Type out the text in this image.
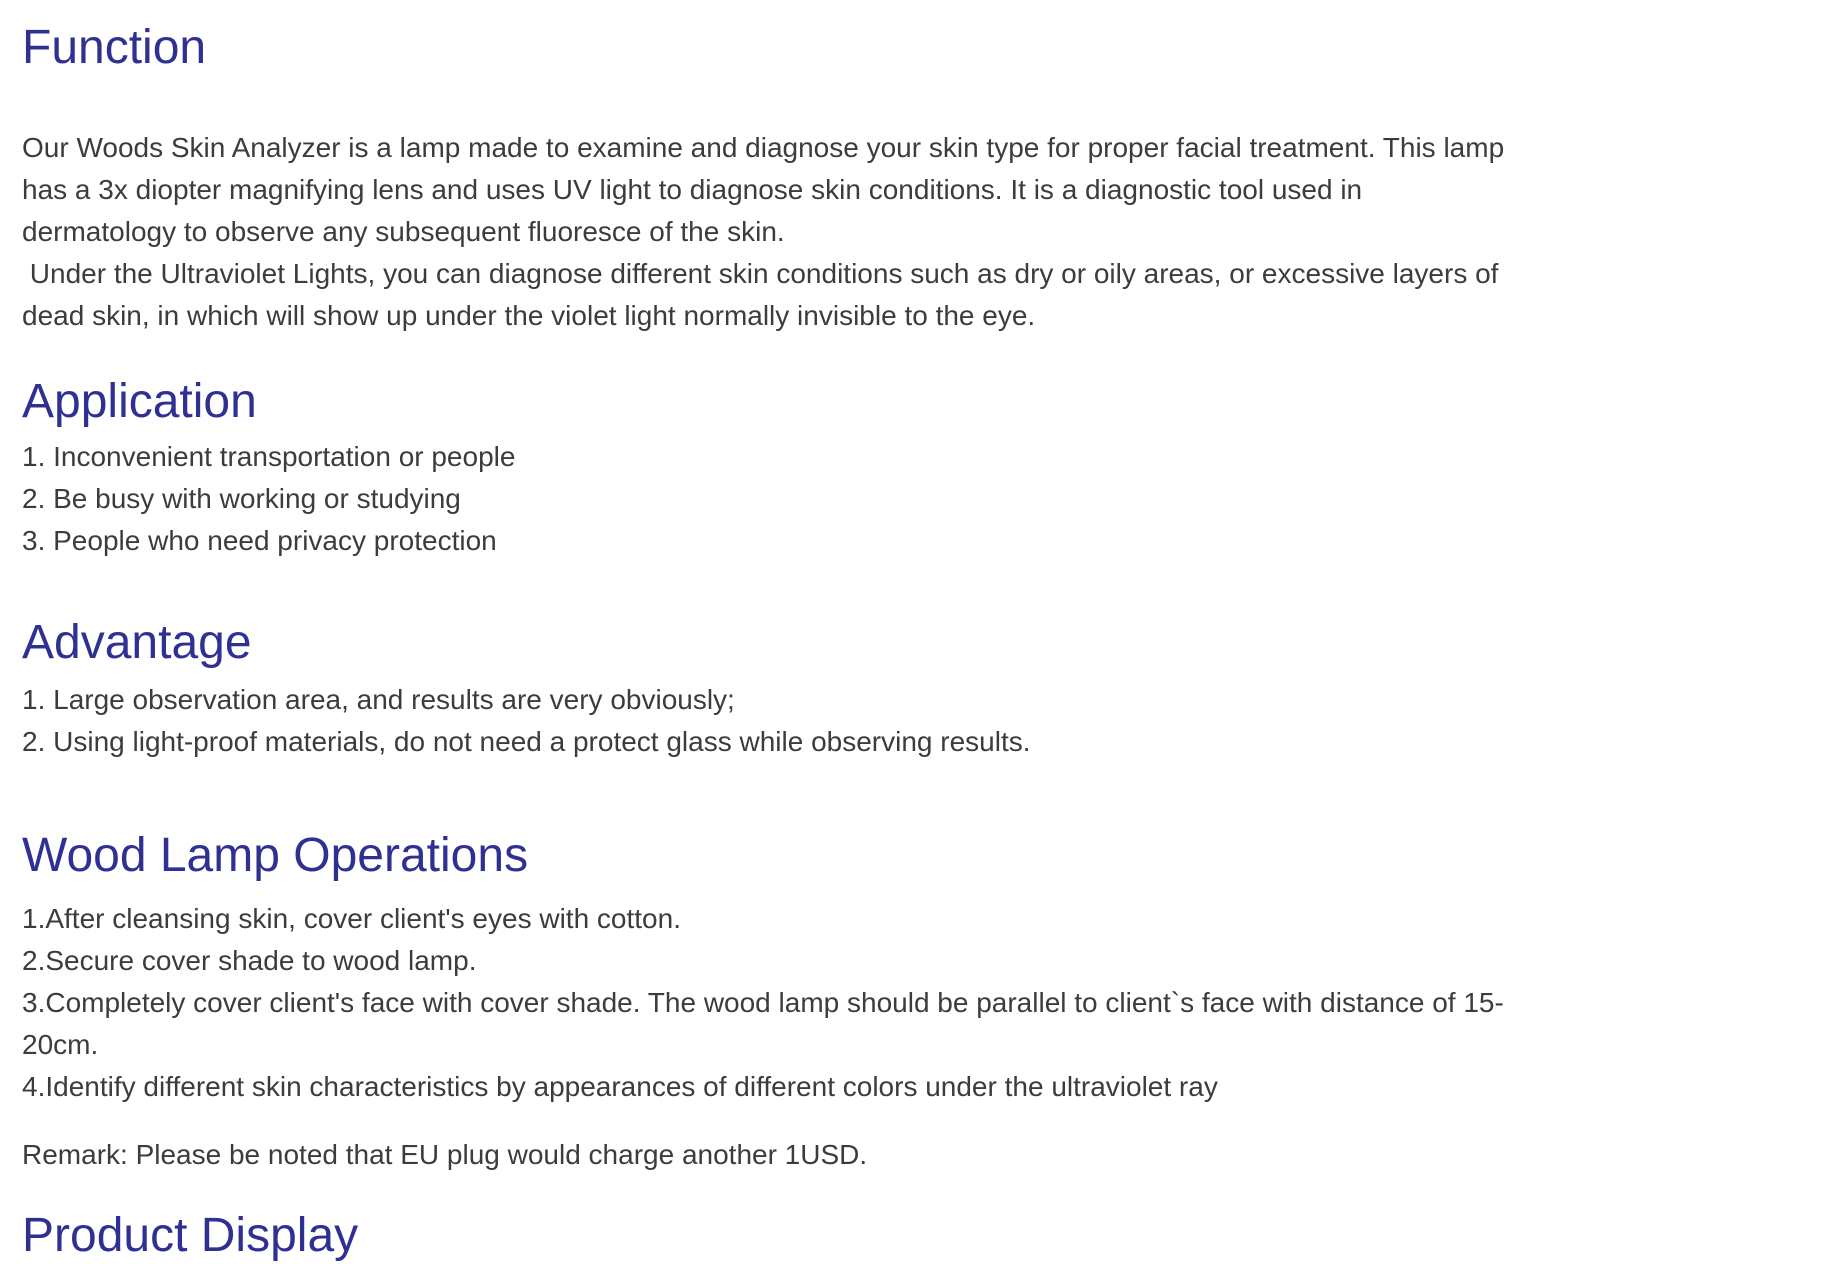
Function
Our Woods Skin Analyzer is a lamp made to examine and diagnose your skin type for proper facial treatment. This lamp has a 3x diopter magnifying lens and uses UV light to diagnose skin conditions. It is a diagnostic tool used in dermatology to observe any subsequent fluoresce of the skin.
Under the Ultraviolet Lights, you can diagnose different skin conditions such as dry or oily areas, or excessive layers of dead skin, in which will show up under the violet light normally invisible to the eye.
Application
1. Inconvenient transportation or people
2. Be busy with working or studying
3. People who need privacy protection
Advantage
1. Large observation area, and results are very obviously;
2. Using light-proof materials, do not need a protect glass while observing results.
Wood Lamp Operations
1.After cleansing skin, cover client's eyes with cotton.
2.Secure cover shade to wood lamp.
3.Completely cover client's face with cover shade. The wood lamp should be parallel to client`s face with distance of 15-20cm.
4.Identify different skin characteristics by appearances of different colors under the ultraviolet ray
Remark: Please be noted that EU plug would charge another 1USD.
Product Display
